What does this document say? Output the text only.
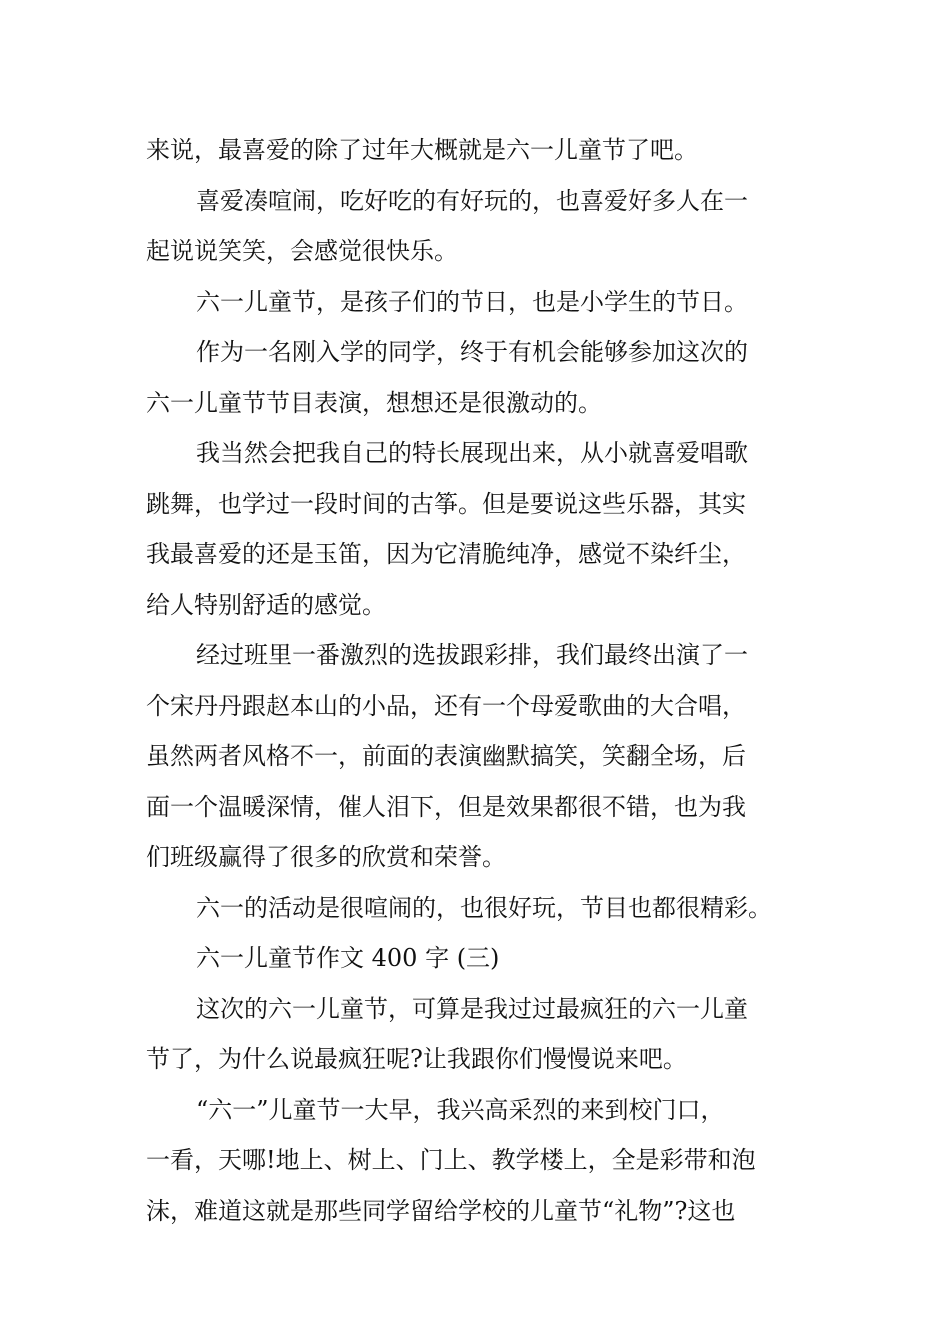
来说，最喜爱的除了过年大概就是六一儿童节了吧。
喜爱凑喧闹，吃好吃的有好玩的，也喜爱好多人在一
起说说笑笑，会感觉很快乐。
六一儿童节，是孩子们的节日，也是小学生的节日。
作为一名刚入学的同学，终于有机会能够参加这次的
六一儿童节节目表演，想想还是很激动的。
我当然会把我自己的特长展现出来，从小就喜爱唱歌
跳舞，也学过一段时间的古筝。但是要说这些乐器，其实
我最喜爱的还是玉笛，因为它清脆纯净，感觉不染纤尘，
给人特别舒适的感觉。
经过班里一番激烈的选拔跟彩排，我们最终出演了一
个宋丹丹跟赵本山的小品，还有一个母爱歌曲的大合唱，
虽然两者风格不一，前面的表演幽默搞笑，笑翻全场，后
面一个温暖深情，催人泪下，但是效果都很不错，也为我
们班级赢得了很多的欣赏和荣誉。
六一的活动是很喧闹的，也很好玩，节目也都很精彩。
六一儿童节作文 400 字 (三)
这次的六一儿童节，可算是我过过最疯狂的六一儿童
节了，为什么说最疯狂呢?让我跟你们慢慢说来吧。
“六一”儿童节一大早，我兴高采烈的来到校门口，
一看，天哪!地上、树上、门上、教学楼上，全是彩带和泡
沫，难道这就是那些同学留给学校的儿童节“礼物”?这也
